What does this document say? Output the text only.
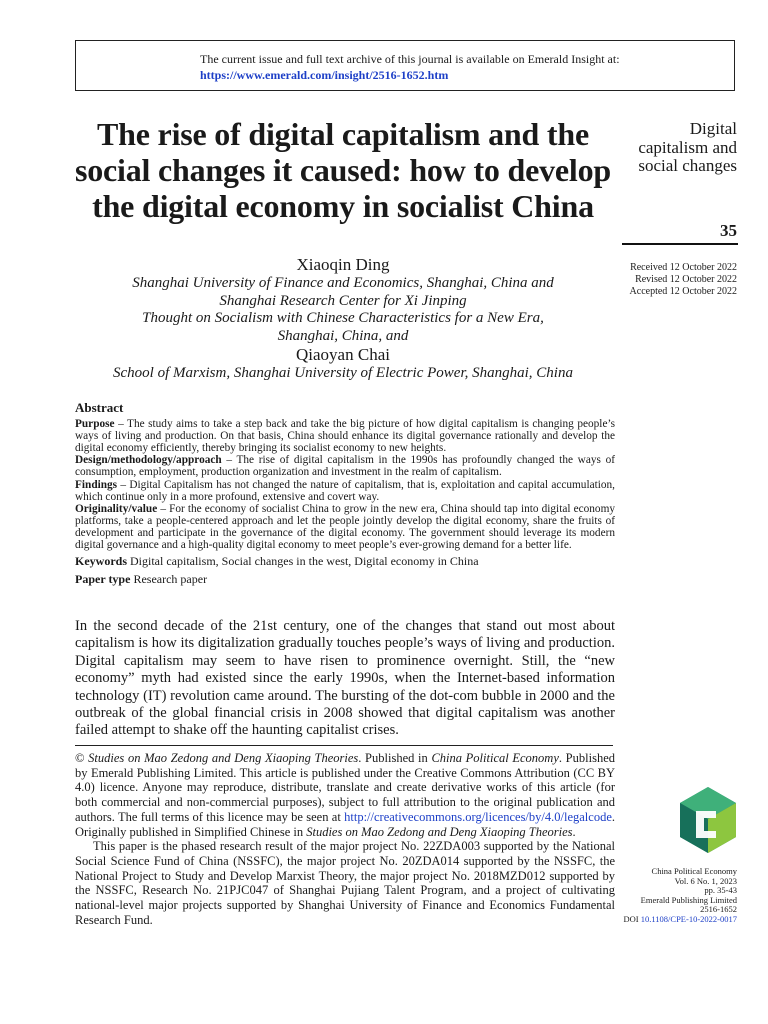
The current issue and full text archive of this journal is available on Emerald Insight at:
https://www.emerald.com/insight/2516-1652.htm
The rise of digital capitalism and the social changes it caused: how to develop the digital economy in socialist China
Digital
capitalism and
social changes
35
Received 12 October 2022
Revised 12 October 2022
Accepted 12 October 2022
Xiaoqin Ding
Shanghai University of Finance and Economics, Shanghai, China and
Shanghai Research Center for Xi Jinping
Thought on Socialism with Chinese Characteristics for a New Era,
Shanghai, China, and
Qiaoyan Chai
School of Marxism, Shanghai University of Electric Power, Shanghai, China
Abstract

Purpose – The study aims to take a step back and take the big picture of how digital capitalism is changing people’s ways of living and production. On that basis, China should enhance its digital governance rationally and develop the digital economy efficiently, thereby bringing its socialist economy to new heights.

Design/methodology/approach – The rise of digital capitalism in the 1990s has profoundly changed the ways of consumption, employment, production organization and investment in the realm of capitalism.

Findings – Digital Capitalism has not changed the nature of capitalism, that is, exploitation and capital accumulation, which continue only in a more profound, extensive and covert way.

Originality/value – For the economy of socialist China to grow in the new era, China should tap into digital economy platforms, take a people-centered approach and let the people jointly develop the digital economy, share the fruits of development and participate in the governance of the digital economy. The government should leverage its modern digital governance and a high-quality digital economy to meet people’s ever-growing demand for a better life.

Keywords Digital capitalism, Social changes in the west, Digital economy in China
Paper type Research paper
In the second decade of the 21st century, one of the changes that stand out most about capitalism is how its digitalization gradually touches people’s ways of living and production. Digital capitalism may seem to have risen to prominence overnight. Still, the “new economy” myth had existed since the early 1990s, when the Internet-based information technology (IT) revolution came around. The bursting of the dot-com bubble in 2000 and the outbreak of the global financial crisis in 2008 showed that digital capitalism was another failed attempt to shake off the haunting capitalist crises.

© Studies on Mao Zedong and Deng Xiaoping Theories. Published in China Political Economy. Published by Emerald Publishing Limited. This article is published under the Creative Commons Attribution (CC BY 4.0) licence. Anyone may reproduce, distribute, translate and create derivative works of this article (for both commercial and non-commercial purposes), subject to full attribution to the original publication and authors. The full terms of this licence may be seen at http://creativecommons.org/licences/by/4.0/legalcode. Originally published in Simplified Chinese in Studies on Mao Zedong and Deng Xiaoping Theories.

This paper is the phased research result of the major project No. 22ZDA003 supported by the National Social Science Fund of China (NSSFC), the major project No. 20ZDA014 supported by the NSSFC, the National Project to Study and Develop Marxist Theory, the major project No. 2018MZD012 supported by the NSSFC, Research No. 21PJC047 of Shanghai Pujiang Talent Program, and a project of cultivating national-level major projects supported by Shanghai University of Finance and Economics Fundamental Research Fund.

China Political Economy
Vol. 6 No. 1, 2023
pp. 35-43
Emerald Publishing Limited
2516-1652
DOI 10.1108/CPE-10-2022-0017
